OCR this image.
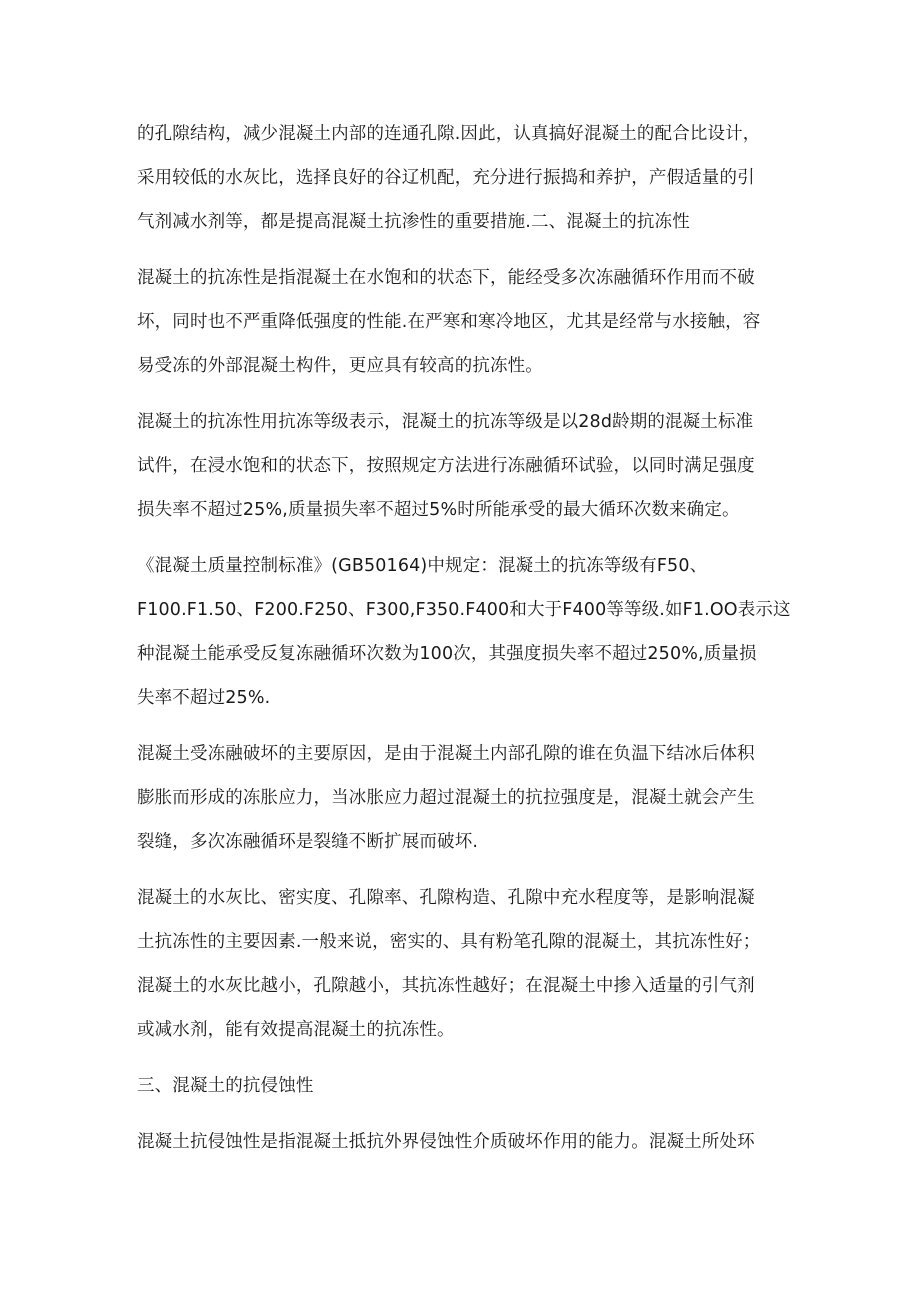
的孔隙结构，减少混凝土内部的连通孔隙.因此，认真搞好混凝土的配合比设计，
采用较低的水灰比，选择良好的谷辽机配，充分进行振捣和养护，产假适量的引
气剂减水剂等，都是提高混凝土抗渗性的重要措施.二、混凝土的抗冻性
混凝土的抗冻性是指混凝土在水饱和的状态下，能经受多次冻融循环作用而不破
坏，同时也不严重降低强度的性能.在严寒和寒冷地区，尤其是经常与水接触，容
易受冻的外部混凝土构件，更应具有较高的抗冻性。
混凝土的抗冻性用抗冻等级表示，混凝土的抗冻等级是以28d龄期的混凝土标准
试件，在浸水饱和的状态下，按照规定方法进行冻融循环试验，以同时满足强度
损失率不超过25%,质量损失率不超过5%时所能承受的最大循环次数来确定。
《混凝土质量控制标准》(GB50164)中规定：混凝土的抗冻等级有F50、
F100.F1.50、F200.F250、F300,F350.F400和大于F400等等级.如F1.OO表示这
种混凝土能承受反复冻融循环次数为100次，其强度损失率不超过250%,质量损
失率不超过25%.
混凝土受冻融破坏的主要原因，是由于混凝土内部孔隙的谁在负温下结冰后体积
膨胀而形成的冻胀应力，当冰胀应力超过混凝土的抗拉强度是，混凝土就会产生
裂缝，多次冻融循环是裂缝不断扩展而破坏.
混凝土的水灰比、密实度、孔隙率、孔隙构造、孔隙中充水程度等，是影响混凝
土抗冻性的主要因素.一般来说，密实的、具有粉笔孔隙的混凝土，其抗冻性好；
混凝土的水灰比越小，孔隙越小，其抗冻性越好；在混凝土中掺入适量的引气剂
或减水剂，能有效提高混凝土的抗冻性。
三、混凝土的抗侵蚀性
混凝土抗侵蚀性是指混凝土抵抗外界侵蚀性介质破坏作用的能力。混凝土所处环
